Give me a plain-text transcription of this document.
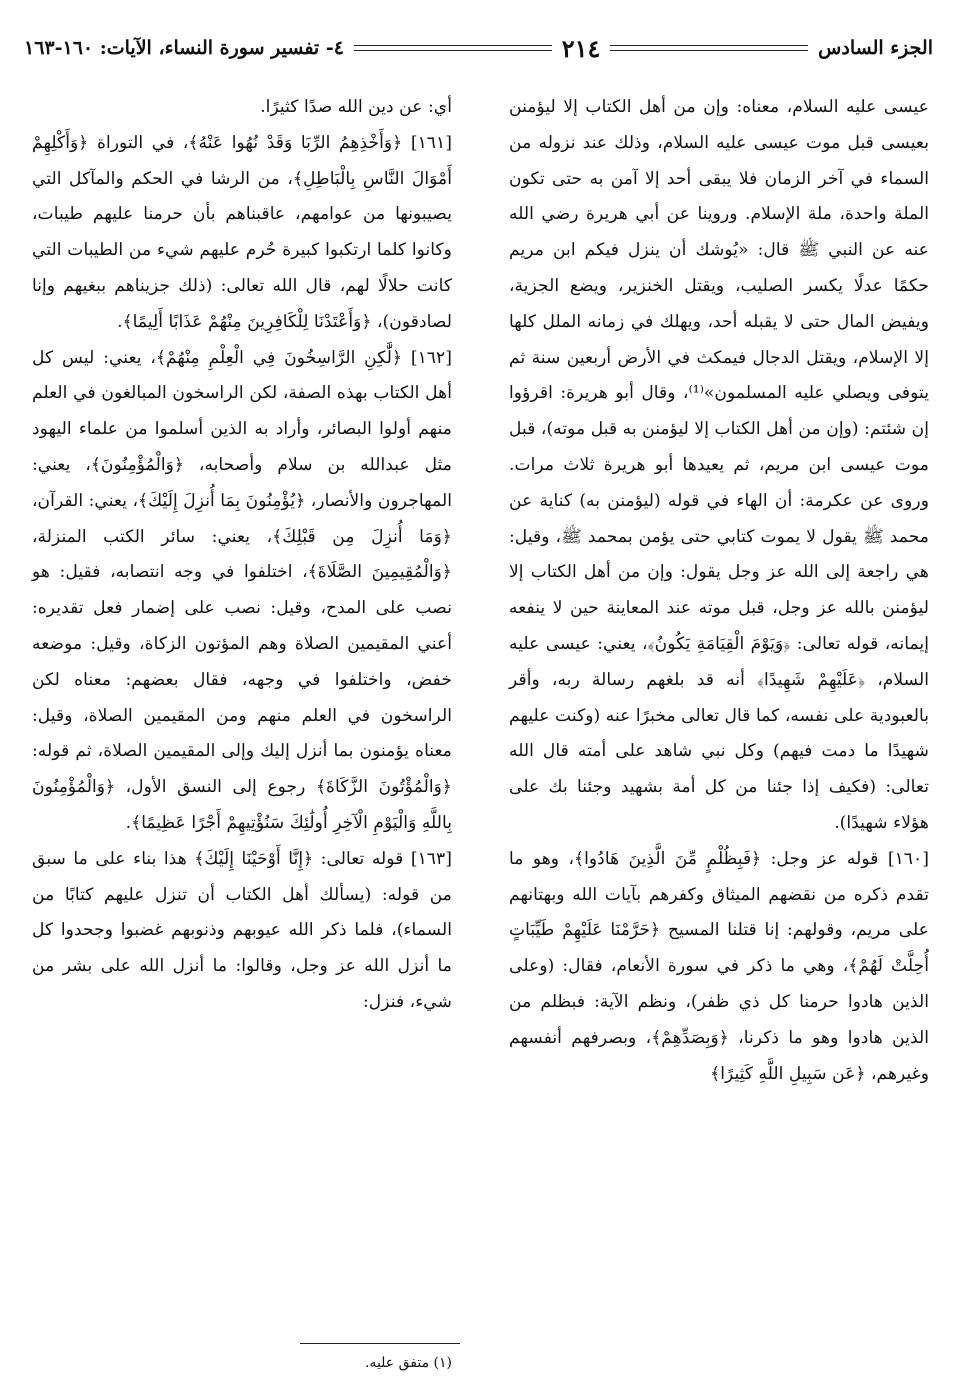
الجزء السادس
٢١٤
٤- تفسير سورة النساء، الآيات: ١٦٠-١٦٣

عيسى عليه السلام، معناه: وإن من أهل الكتاب إلا ليؤمنن بعيسى قبل موت عيسى عليه السلام، وذلك عند نزوله من السماء في آخر الزمان فلا يبقى أحد إلا آمن به حتى تكون الملة واحدة، ملة الإسلام. وروينا عن أبي هريرة رضي الله عنه عن النبي ﷺ قال: «يُوشك أن ينزل فيكم ابن مريم حكمًا عدلًا يكسر الصليب، ويقتل الخنزير، ويضع الجزية، ويفيض المال حتى لا يقبله أحد، ويهلك في زمانه الملل كلها إلا الإسلام، ويقتل الدجال فيمكث في الأرض أربعين سنة ثم يتوفى ويصلي عليه المسلمون»⁽¹⁾، وقال أبو هريرة: اقرؤوا إن شئتم: (وإن من أهل الكتاب إلا ليؤمنن به قبل موته)، قبل موت عيسى ابن مريم، ثم يعيدها أبو هريرة ثلاث مرات. وروى عن عكرمة: أن الهاء في قوله (ليؤمنن به) كناية عن محمد ﷺ يقول لا يموت كتابي حتى يؤمن بمحمد ﷺ، وقيل: هي راجعة إلى الله عز وجل يقول: وإن من أهل الكتاب إلا ليؤمنن بالله عز وجل، قبل موته عند المعاينة حين لا ينفعه إيمانه، قوله تعالى: ﴿وَيَوْمَ الْقِيَامَةِ يَكُونُ﴾، يعني: عيسى عليه السلام، ﴿عَلَيْهِمْ شَهِيدًا﴾ أنه قد بلغهم رسالة ربه، وأقر بالعبودية على نفسه، كما قال تعالى مخبرًا عنه (وكنت عليهم شهيدًا ما دمت فيهم) وكل نبي شاهد على أمته قال الله تعالى: (فكيف إذا جئنا من كل أمة بشهيد وجئنا بك على هؤلاء شهيدًا).

[١٦٠] قوله عز وجل: ﴿فَبِظُلْمٍ مِّنَ الَّذِينَ هَادُوا﴾، وهو ما تقدم ذكره من نقضهم الميثاق وكفرهم بآيات الله وبهتانهم على مريم، وقولهم: إنا قتلنا المسيح ﴿حَرَّمْنَا عَلَيْهِمْ طَيِّبَاتٍ أُحِلَّتْ لَهُمْ﴾، وهي ما ذكر في سورة الأنعام، فقال: (وعلى الذين هادوا حرمنا كل ذي ظفر)، ونظم الآية: فبظلم من الذين هادوا وهو ما ذكرنا، ﴿وَبِصَدِّهِمْ﴾، وبصرفهم أنفسهم وغيرهم، ﴿عَن سَبِيلِ اللَّهِ كَثِيرًا﴾

أي: عن دين الله صدًا كثيرًا.

[١٦١] ﴿وَأَخْذِهِمُ الرِّبَا وَقَدْ نُهُوا عَنْهُ﴾، في التوراة ﴿وَأَكْلِهِمْ أَمْوَالَ النَّاسِ بِالْبَاطِلِ﴾، من الرشا في الحكم والمآكل التي يصيبونها من عوامهم، عاقبناهم بأن حرمنا عليهم طيبات، وكانوا كلما ارتكبوا كبيرة حُرم عليهم شيء من الطيبات التي كانت حلالًا لهم، قال الله تعالى: (ذلك جزيناهم ببغيهم وإنا لصادقون)، ﴿وَأَعْتَدْنَا لِلْكَافِرِينَ مِنْهُمْ عَذَابًا أَلِيمًا﴾.

[١٦٢] ﴿لَّٰكِنِ الرَّاسِخُونَ فِي الْعِلْمِ مِنْهُمْ﴾، يعني: ليس كل أهل الكتاب بهذه الصفة، لكن الراسخون المبالغون في العلم منهم أولوا البصائر، وأراد به الذين أسلموا من علماء اليهود مثل عبدالله بن سلام وأصحابه، ﴿وَالْمُؤْمِنُونَ﴾، يعني: المهاجرون والأنصار، ﴿يُؤْمِنُونَ بِمَا أُنزِلَ إِلَيْكَ﴾، يعني: القرآن، ﴿وَمَا أُنزِلَ مِن قَبْلِكَ﴾، يعني: سائر الكتب المنزلة، ﴿وَالْمُقِيمِينَ الصَّلَاةَ﴾، اختلفوا في وجه انتصابه، فقيل: هو نصب على المدح، وقيل: نصب على إضمار فعل تقديره: أعني المقيمين الصلاة وهم المؤتون الزكاة، وقيل: موضعه خفض، واختلفوا في وجهه، فقال بعضهم: معناه لكن الراسخون في العلم منهم ومن المقيمين الصلاة، وقيل: معناه يؤمنون بما أنزل إليك وإلى المقيمين الصلاة، ثم قوله: ﴿وَالْمُؤْتُونَ الزَّكَاةَ﴾ رجوع إلى النسق الأول، ﴿وَالْمُؤْمِنُونَ بِاللَّهِ وَالْيَوْمِ الْآخِرِ أُولَٰئِكَ سَنُؤْتِيهِمْ أَجْرًا عَظِيمًا﴾.

[١٦٣] قوله تعالى: ﴿إِنَّا أَوْحَيْنَا إِلَيْكَ﴾ هذا بناء على ما سبق من قوله: (يسألك أهل الكتاب أن تنزل عليهم كتابًا من السماء)، فلما ذكر الله عيوبهم وذنوبهم غضبوا وجحدوا كل ما أنزل الله عز وجل، وقالوا: ما أنزل الله على بشر من شيء، فنزل:

(١) متفق عليه.
